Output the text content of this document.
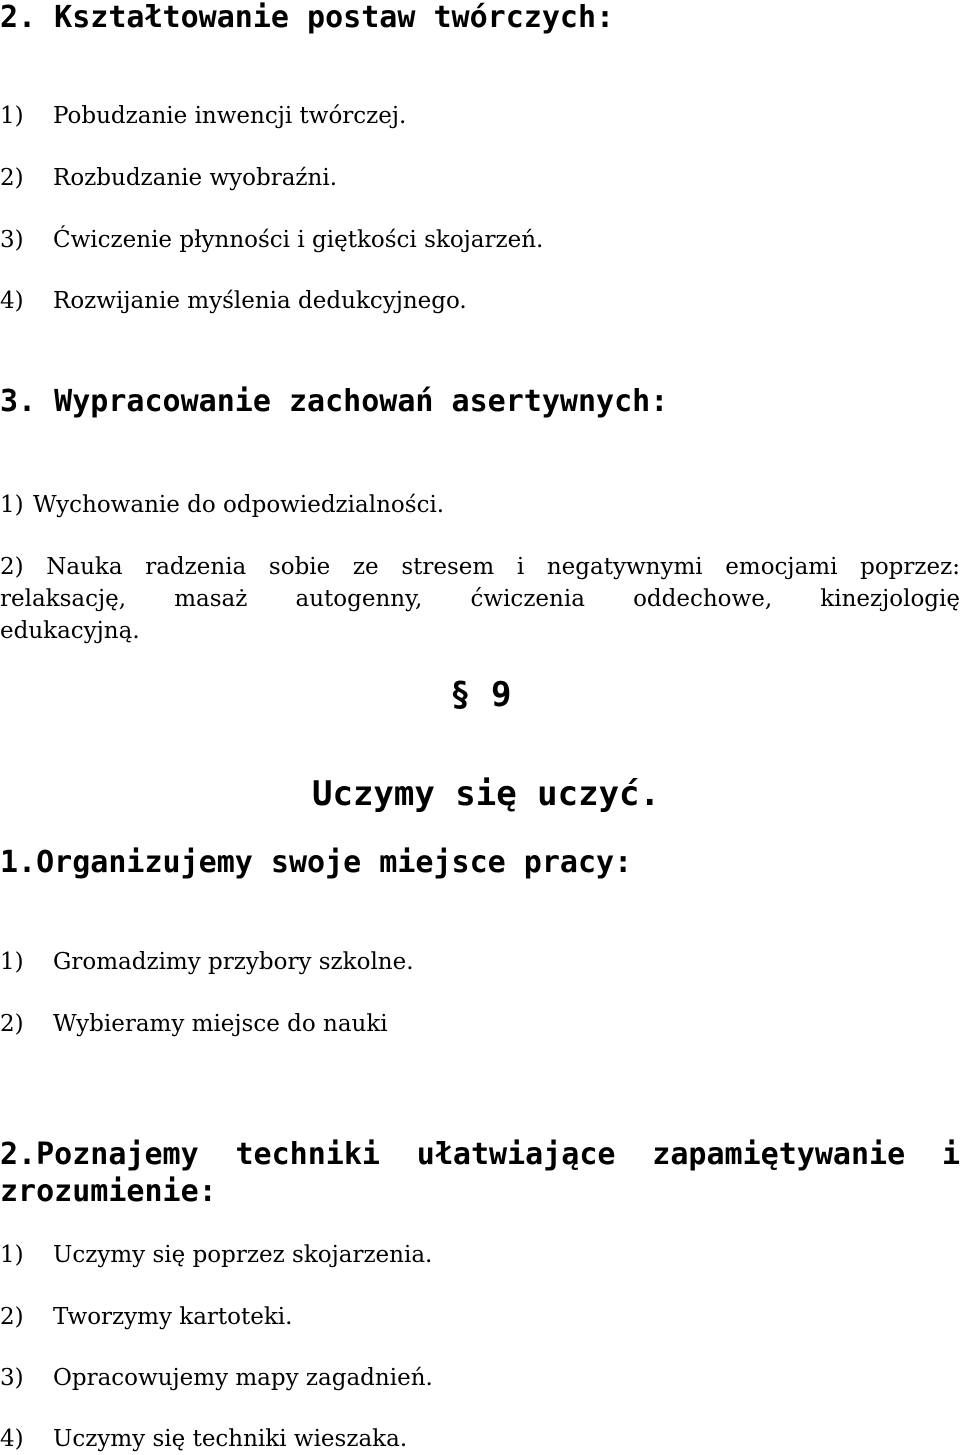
2. Kształtowanie postaw twórczych:
1) Pobudzanie inwencji twórczej.
2) Rozbudzanie wyobraźni.
3) Ćwiczenie płynności i giętkości skojarzeń.
4) Rozwijanie myślenia dedukcyjnego.
3. Wypracowanie zachowań asertywnych:
1) Wychowanie do odpowiedzialności.
2) Nauka radzenia sobie ze stresem i negatywnymi emocjami poprzez:
relaksację, masaż autogenny, ćwiczenia oddechowe, kinezjologię
edukacyjną.
§ 9
Uczymy się uczyć.
1.Organizujemy swoje miejsce pracy:
1) Gromadzimy przybory szkolne.
2) Wybieramy miejsce do nauki
2.Poznajemy techniki ułatwiające zapamiętywanie i
zrozumienie:
1) Uczymy się poprzez skojarzenia.
2) Tworzymy kartoteki.
3) Opracowujemy mapy zagadnień.
4) Uczymy się techniki wieszaka.
